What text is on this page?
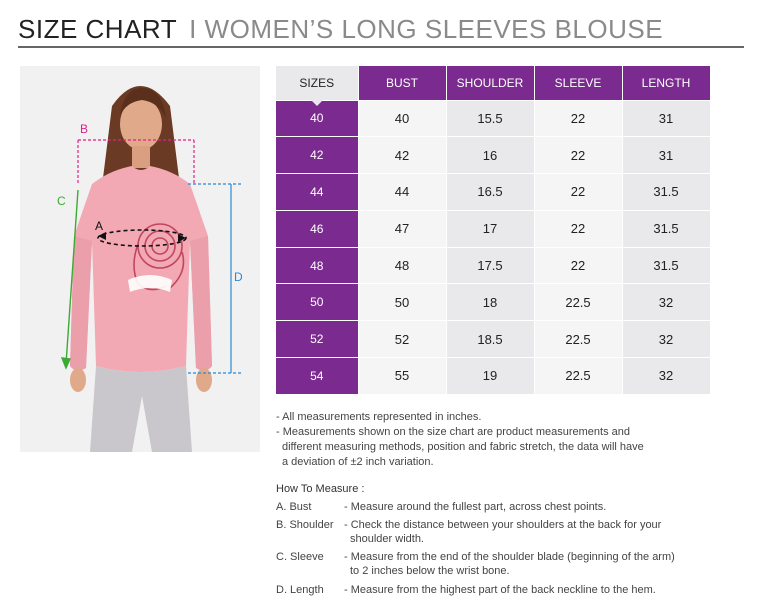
SIZE CHART I WOMEN’S LONG SLEEVES BLOUSE
A
B
C
D
SIZES	BUST	SHOULDER	SLEEVE	LENGTH
40	40	15.5	22	31
42	42	16	22	31
44	44	16.5	22	31.5
46	47	17	22	31.5
48	48	17.5	22	31.5
50	50	18	22.5	32
52	52	18.5	22.5	32
54	55	19	22.5	32
- All measurements represented in inches.
- Measurements shown on the size chart are product measurements and
different measuring methods, position and fabric stretch, the data will have
a deviation of ±2 inch variation.
How To Measure :
A. Bust	- Measure around the fullest part, across chest points.
B. Shoulder - Check the distance between your shoulders at the back for your
shoulder width.
C. Sleeve - Measure from the end of the shoulder blade (beginning of the arm)
to 2 inches below the wrist bone.
D. Length - Measure from the highest part of the back neckline to the hem.
